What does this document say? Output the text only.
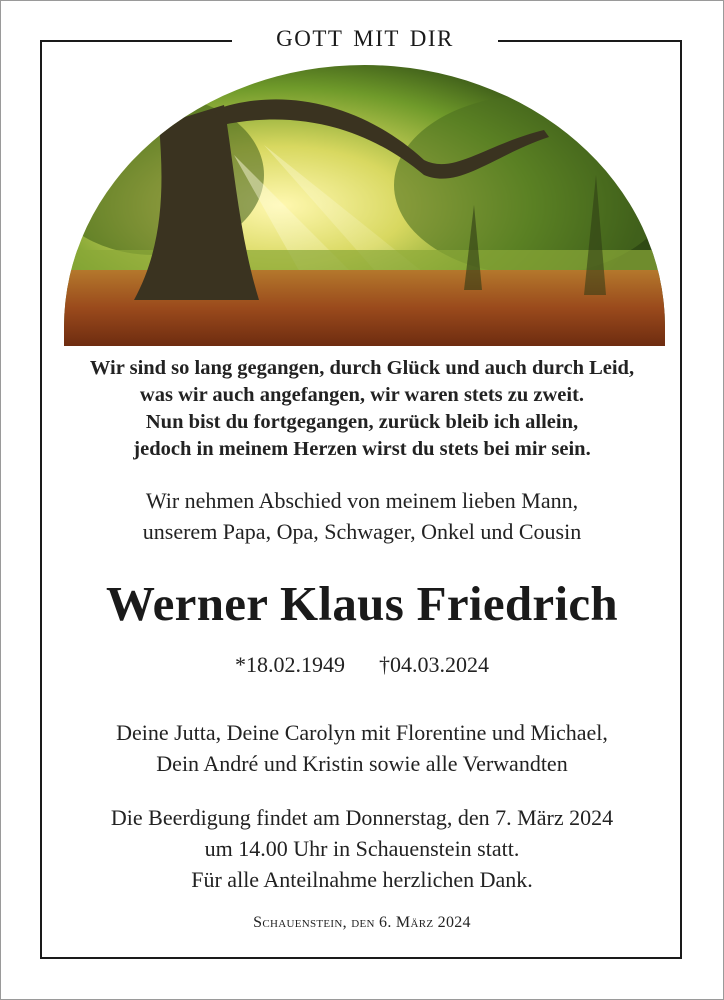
GOTT MIT DIR
Wir sind so lang gegangen, durch Glück und auch durch Leid,
was wir auch angefangen, wir waren stets zu zweit.
Nun bist du fortgegangen, zurück bleib ich allein,
jedoch in meinem Herzen wirst du stets bei mir sein.
Wir nehmen Abschied von meinem lieben Mann,
unserem Papa, Opa, Schwager, Onkel und Cousin
Werner Klaus Friedrich
*18.02.1949 †04.03.2024
Deine Jutta, Deine Carolyn mit Florentine und Michael,
Dein André und Kristin sowie alle Verwandten
Die Beerdigung findet am Donnerstag, den 7. März 2024
um 14.00 Uhr in Schauenstein statt.
Für alle Anteilnahme herzlichen Dank.
Schauenstein, den 6. März 2024
